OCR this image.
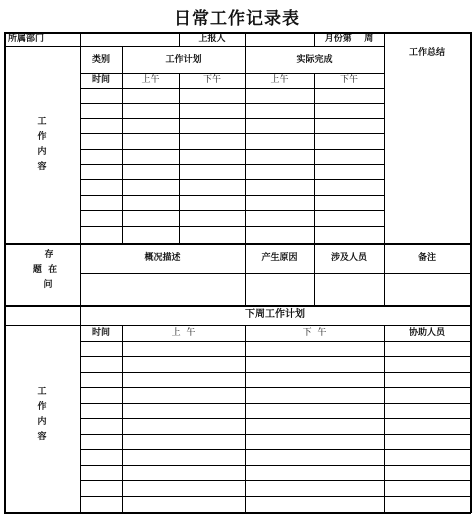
日常工作记录表
所属部门	上报人	月份第    周
工作总结
类别	工作计划	实际完成
时间	上午	下午	上午	下午
工
作
内
容
存
题  在
问
概况描述	产生原因	涉及人员	备注
下周工作计划
时间	上  午	下  午	协助人员
工
作
内
容
